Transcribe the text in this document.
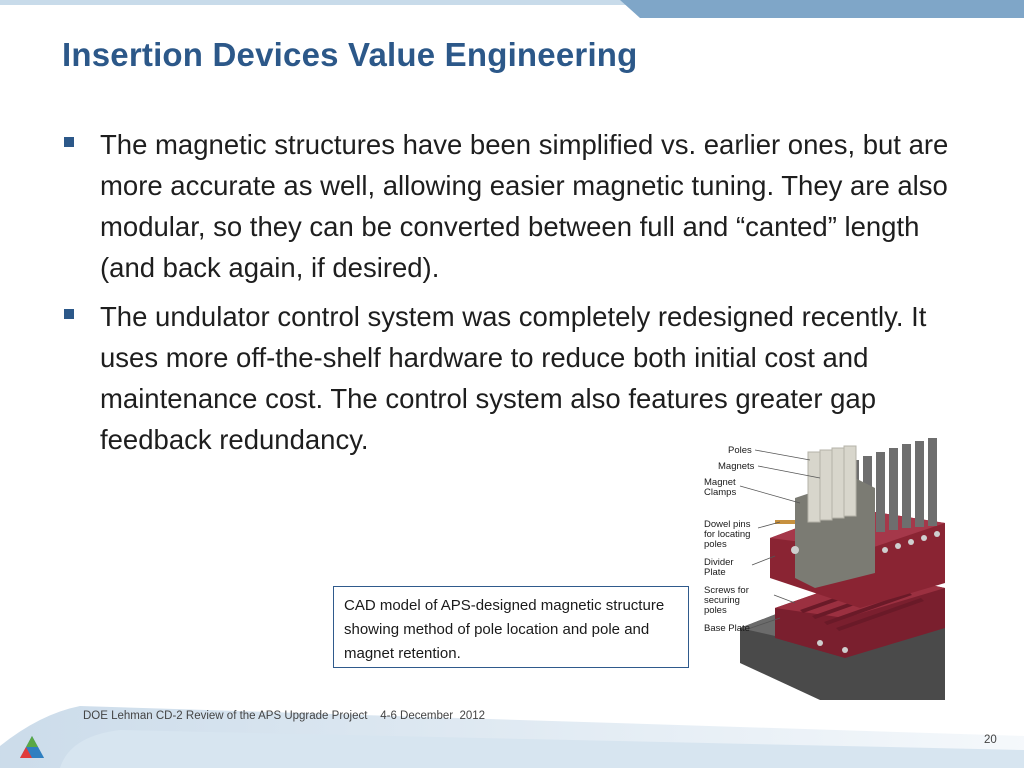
Insertion Devices Value Engineering
The magnetic structures have been simplified vs. earlier ones, but are more accurate as well, allowing easier magnetic tuning. They are also modular, so they can be converted between full and “canted” length (and back again, if desired).
The undulator control system was completely redesigned recently. It uses more off-the-shelf hardware to reduce both initial cost and maintenance cost. The control system also features greater gap feedback redundancy.	Poles
Magnets
Magnet
Clamps
Dowel pins
for locating
poles
Divider
Plate
Screws for
securing
poles
Base Plate
CAD model of APS-designed magnetic structure showing method of pole location and pole and magnet retention.
DOE Lehman CD-2 Review of the APS Upgrade Project    4-6 December  2012
20
